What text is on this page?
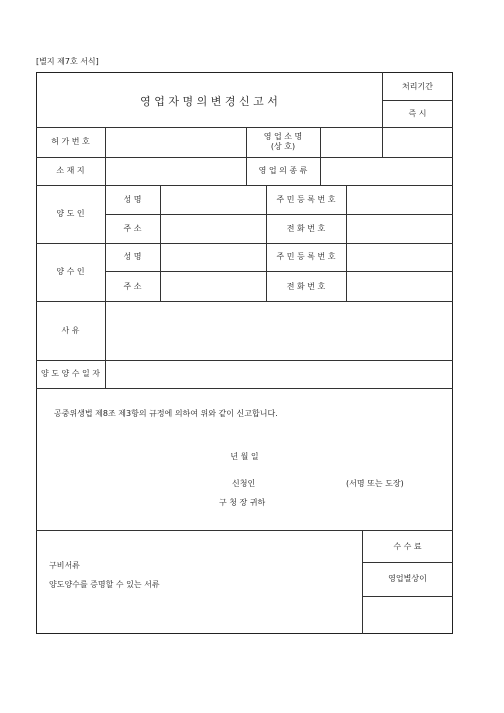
[별지 제7호 서식]
영 업 자 명 의 변 경 신 고 서
처리기간
즉 시
허 가 번 호
영 업 소 명
(상 호)
소 재 지	영 업 의 종 류
양 도 인
성 명	주 민 등 록 번 호
주 소	전 화 번 호
양 수 인
성 명	주 민 등 록 번 호
주 소	전 화 번 호
사 유
양 도 양 수 일 자
공중위생법 제8조 제3항의 규정에 의하여 위와 같이 신고합니다.
년 월 일
신청인	(서명 또는 도장)
구 청 장 귀하
구비서류
양도양수를 증명할 수 있는 서류
수 수 료
영업별상이
